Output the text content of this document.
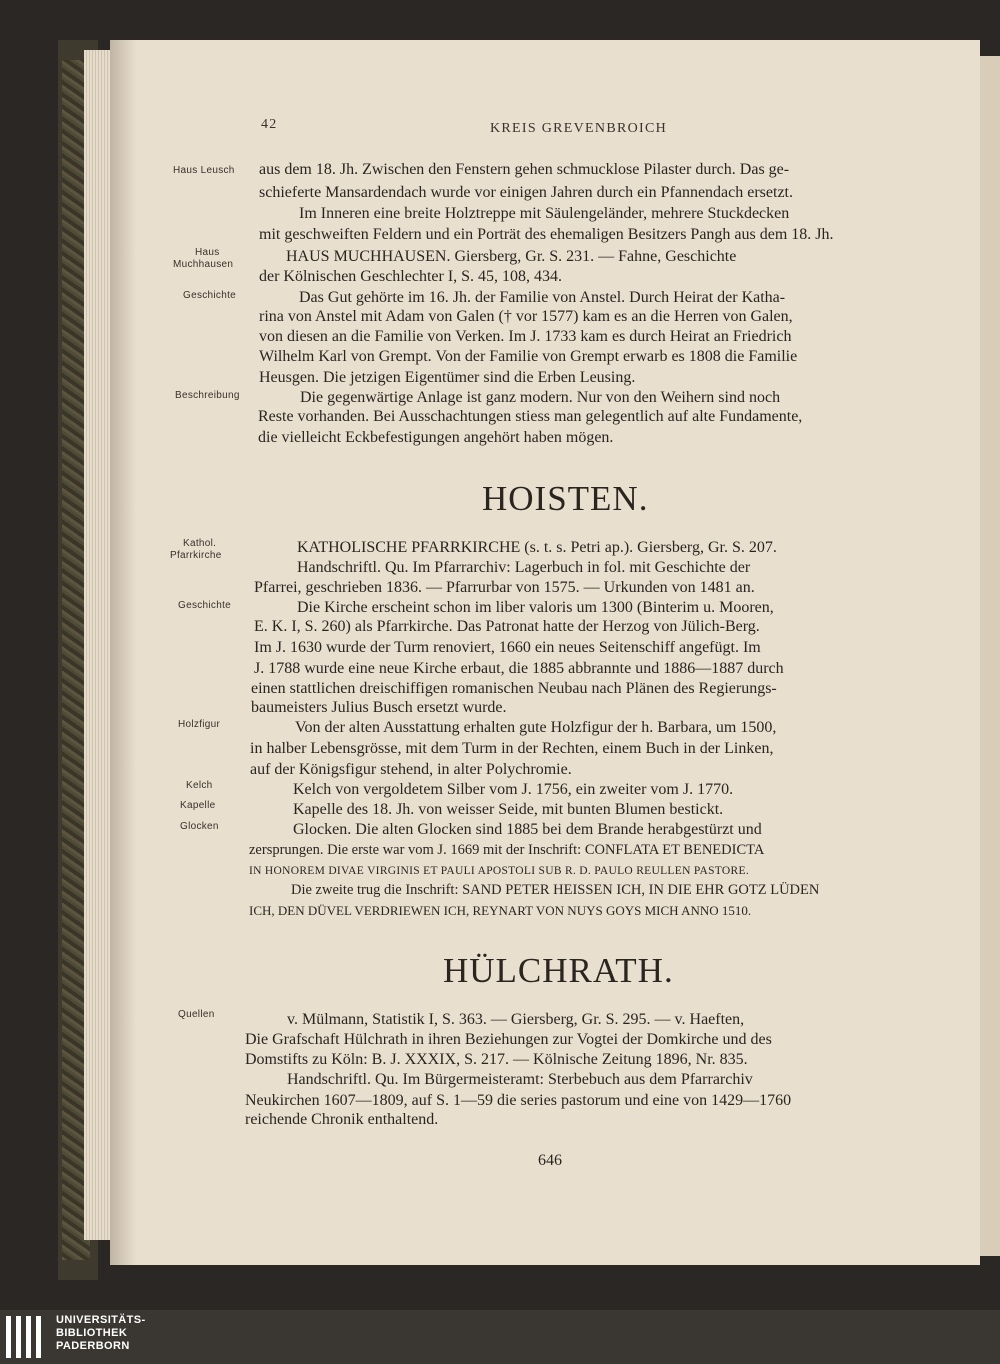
42	KREIS GREVENBROICH

Haus Leusch

Haus

Muchhausen

Geschichte

Beschreibung

Kathol.

Pfarrkirche

Geschichte

Holzfigur

Kelch

Kapelle

Glocken

Quellen

aus dem 18. Jh. Zwischen den Fenstern gehen schmucklose Pilaster durch. Das ge-

schieferte Mansardendach wurde vor einigen Jahren durch ein Pfannendach ersetzt.

Im Inneren eine breite Holztreppe mit Säulengeländer, mehrere Stuckdecken

mit geschweiften Feldern und ein Porträt des ehemaligen Besitzers Pangh aus dem 18. Jh.

HAUS MUCHHAUSEN. Giersberg, Gr. S. 231. — Fahne, Geschichte

der Kölnischen Geschlechter I, S. 45, 108, 434.

Das Gut gehörte im 16. Jh. der Familie von Anstel. Durch Heirat der Katha-

rina von Anstel mit Adam von Galen († vor 1577) kam es an die Herren von Galen,

von diesen an die Familie von Verken. Im J. 1733 kam es durch Heirat an Friedrich

Wilhelm Karl von Grempt. Von der Familie von Grempt erwarb es 1808 die Familie

Heusgen. Die jetzigen Eigentümer sind die Erben Leusing.

Die gegenwärtige Anlage ist ganz modern. Nur von den Weihern sind noch

Reste vorhanden. Bei Ausschachtungen stiess man gelegentlich auf alte Fundamente,

die vielleicht Eckbefestigungen angehört haben mögen.

HOISTEN.

KATHOLISCHE PFARRKIRCHE (s. t. s. Petri ap.). Giersberg, Gr. S. 207.

Handschriftl. Qu. Im Pfarrarchiv: Lagerbuch in fol. mit Geschichte der

Pfarrei, geschrieben 1836. — Pfarrurbar von 1575. — Urkunden von 1481 an.

Die Kirche erscheint schon im liber valoris um 1300 (Binterim u. Mooren,

E. K. I, S. 260) als Pfarrkirche. Das Patronat hatte der Herzog von Jülich-Berg.

Im J. 1630 wurde der Turm renoviert, 1660 ein neues Seitenschiff angefügt. Im

J. 1788 wurde eine neue Kirche erbaut, die 1885 abbrannte und 1886—1887 durch

einen stattlichen dreischiffigen romanischen Neubau nach Plänen des Regierungs-

baumeisters Julius Busch ersetzt wurde.

Von der alten Ausstattung erhalten gute Holzfigur der h. Barbara, um 1500,

in halber Lebensgrösse, mit dem Turm in der Rechten, einem Buch in der Linken,

auf der Königsfigur stehend, in alter Polychromie.

Kelch von vergoldetem Silber vom J. 1756, ein zweiter vom J. 1770.

Kapelle des 18. Jh. von weisser Seide, mit bunten Blumen bestickt.

Glocken. Die alten Glocken sind 1885 bei dem Brande herabgestürzt und

zersprungen. Die erste war vom J. 1669 mit der Inschrift: CONFLATA ET BENEDICTA

IN HONOREM DIVAE VIRGINIS ET PAULI APOSTOLI SUB R. D. PAULO REULLEN PASTORE.

Die zweite trug die Inschrift: SAND PETER HEISSEN ICH, IN DIE EHR GOTZ LÜDEN

ICH, DEN DÜVEL VERDRIEWEN ICH, REYNART VON NUYS GOYS MICH ANNO 1510.

HÜLCHRATH.

v. Mülmann, Statistik I, S. 363. — Giersberg, Gr. S. 295. — v. Haeften,

Die Grafschaft Hülchrath in ihren Beziehungen zur Vogtei der Domkirche und des

Domstifts zu Köln: B. J. XXXIX, S. 217. — Kölnische Zeitung 1896, Nr. 835.

Handschriftl. Qu. Im Bürgermeisteramt: Sterbebuch aus dem Pfarrarchiv

Neukirchen 1607—1809, auf S. 1—59 die series pastorum und eine von 1429—1760

reichende Chronik enthaltend.

646

UNIVERSITÄTS-
BIBLIOTHEK
PADERBORN
